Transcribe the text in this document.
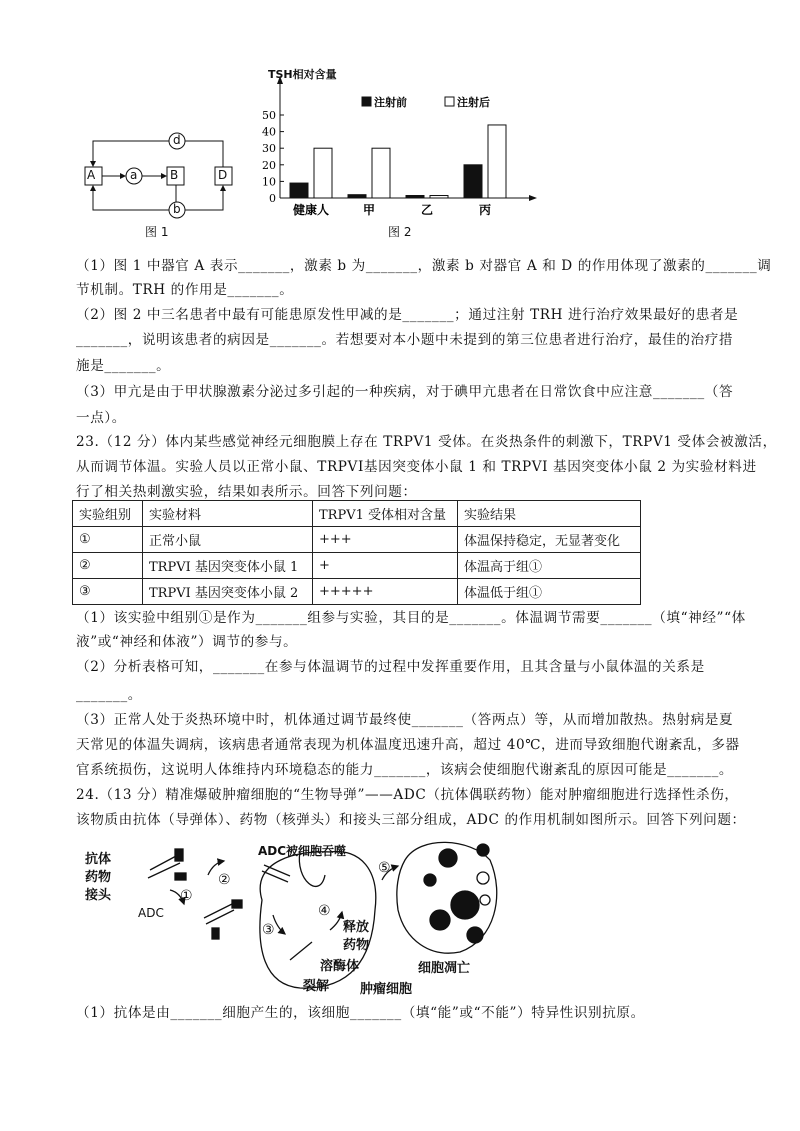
0
10
20
30
40
50
健康人	甲	乙	丙
注射前	注射后
A	a	B	D
d
b
图 1	图 2
TSH相对含量
（1）图 1 中器官 A 表示_______，激素 b 为_______，激素 b 对器官 A 和 D 的作用体现了激素的_______调
节机制。TRH 的作用是_______。
（2）图 2 中三名患者中最有可能患原发性甲减的是_______；通过注射 TRH 进行治疗效果最好的患者是
_______，说明该患者的病因是_______。若想要对本小题中未提到的第三位患者进行治疗，最佳的治疗措
施是_______。
（3）甲亢是由于甲状腺激素分泌过多引起的一种疾病，对于碘甲亢患者在日常饮食中应注意_______（答
一点）。
23.（12 分）体内某些感觉神经元细胞膜上存在 TRPV1 受体。在炎热条件的刺激下，TRPV1 受体会被激活，
从而调节体温。实验人员以正常小鼠、TRPVI基因突变体小鼠 1 和 TRPVI 基因突变体小鼠 2 为实验材料进
行了相关热刺激实验，结果如表所示。回答下列问题：
实验组别	实验材料	TRPV1 受体相对含量	实验结果
①	正常小鼠	+++	体温保持稳定，无显著变化
②	TRPVI 基因突变体小鼠 1	+	体温高于组①
③	TRPVI 基因突变体小鼠 2	+++++	体温低于组①
（1）该实验中组别①是作为_______组参与实验，其目的是_______。体温调节需要_______（填“神经”“体
液”或“神经和体液”）调节的参与。
（2）分析表格可知，_______在参与体温调节的过程中发挥重要作用，且其含量与小鼠体温的关系是
_______。
（3）正常人处于炎热环境中时，机体通过调节最终使_______（答两点）等，从而增加散热。热射病是夏
天常见的体温失调病，该病患者通常表现为机体温度迅速升高，超过 40℃，进而导致细胞代谢紊乱，多器
官系统损伤，这说明人体维持内环境稳态的能力_______，该病会使细胞代谢紊乱的原因可能是_______。
24.（13 分）精准爆破肿瘤细胞的“生物导弹”——ADC（抗体偶联药物）能对肿瘤细胞进行选择性杀伤，
该物质由抗体（导弹体）、药物（核弹头）和接头三部分组成，ADC 的作用机制如图所示。回答下列问题：
抗体
药物
接头
ADC
①
②
③
④
⑤
ADC被细胞吞噬
释放
药物
溶酶体
裂解 肿瘤细胞
细胞凋亡
（1）抗体是由_______细胞产生的，该细胞_______（填“能”或“不能”）特异性识别抗原。
